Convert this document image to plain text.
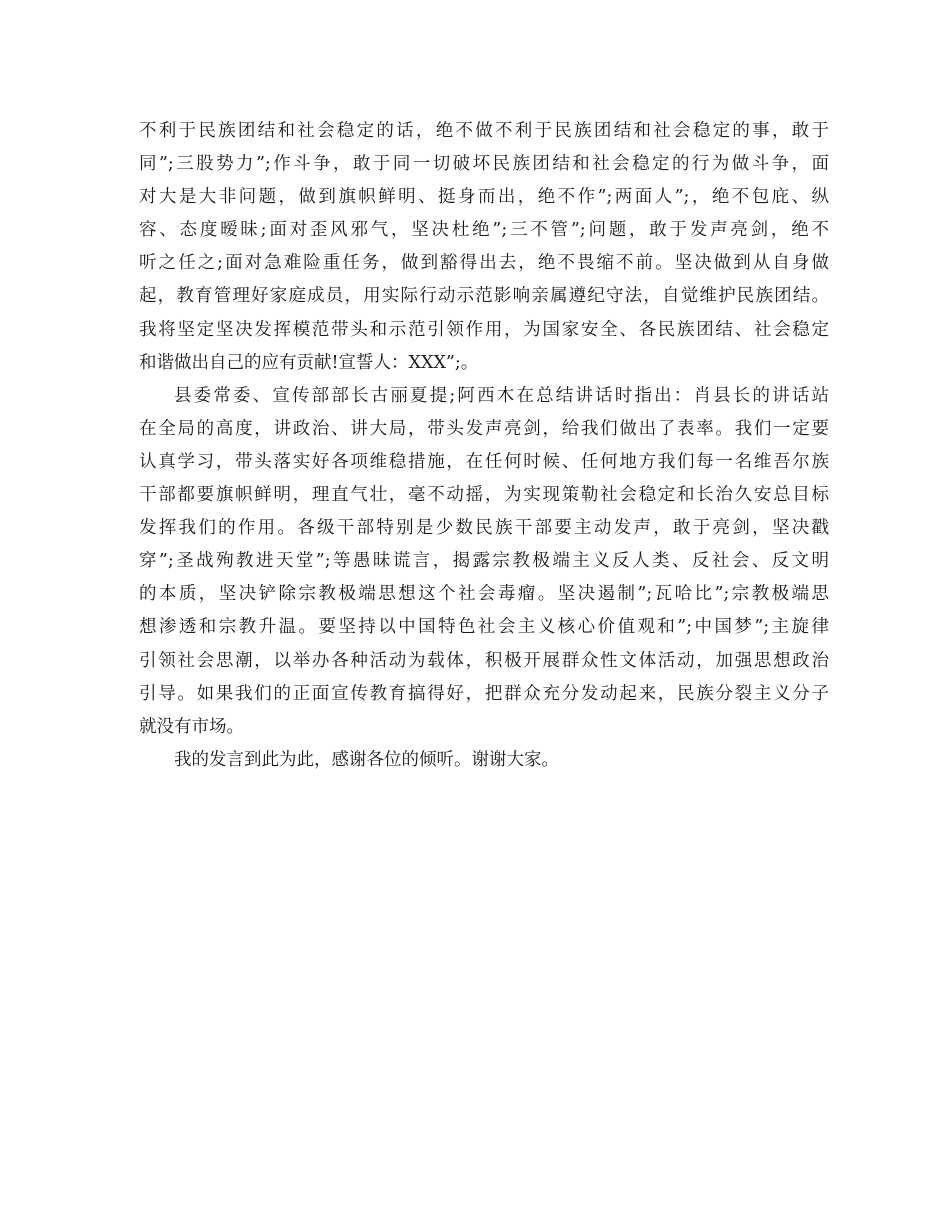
不利于民族团结和社会稳定的话，绝不做不利于民族团结和社会稳定的事，敢于
同”;三股势力”;作斗争，敢于同一切破坏民族团结和社会稳定的行为做斗争，面
对大是大非问题，做到旗帜鲜明、挺身而出，绝不作”;两面人”;，绝不包庇、纵
容、态度暧昧;面对歪风邪气，坚决杜绝”;三不管”;问题，敢于发声亮剑，绝不
听之任之;面对急难险重任务，做到豁得出去，绝不畏缩不前。坚决做到从自身做
起，教育管理好家庭成员，用实际行动示范影响亲属遵纪守法，自觉维护民族团结。
我将坚定坚决发挥模范带头和示范引领作用，为国家安全、各民族团结、社会稳定
和谐做出自己的应有贡献!宣誓人：XXX”;。
县委常委、宣传部部长古丽夏提;阿西木在总结讲话时指出：肖县长的讲话站
在全局的高度，讲政治、讲大局，带头发声亮剑，给我们做出了表率。我们一定要
认真学习，带头落实好各项维稳措施，在任何时候、任何地方我们每一名维吾尔族
干部都要旗帜鲜明，理直气壮，毫不动摇，为实现策勒社会稳定和长治久安总目标
发挥我们的作用。各级干部特别是少数民族干部要主动发声，敢于亮剑，坚决戳
穿”;圣战殉教进天堂”;等愚昧谎言，揭露宗教极端主义反人类、反社会、反文明
的本质，坚决铲除宗教极端思想这个社会毒瘤。坚决遏制”;瓦哈比”;宗教极端思
想渗透和宗教升温。要坚持以中国特色社会主义核心价值观和”;中国梦”;主旋律
引领社会思潮，以举办各种活动为载体，积极开展群众性文体活动，加强思想政治
引导。如果我们的正面宣传教育搞得好，把群众充分发动起来，民族分裂主义分子
就没有市场。
我的发言到此为此，感谢各位的倾听。谢谢大家。
